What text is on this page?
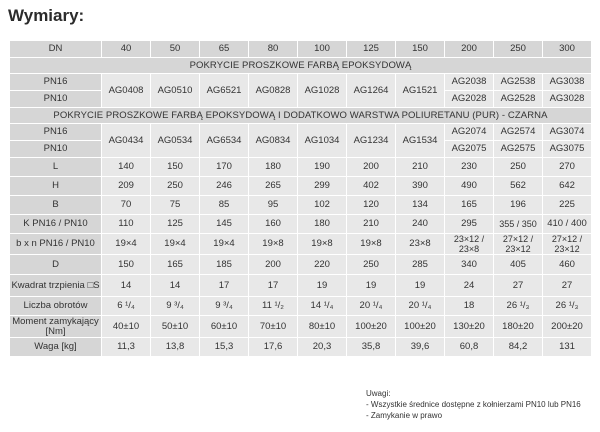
Wymiary:
DN	40	50	65	80	100	125	150	200	250	300
POKRYCIE PROSZKOWE FARBĄ EPOKSYDOWĄ										
PN16	AG0408	AG0510	AG6521	AG0828	AG1028	AG1264	AG1521	AG2038	AG2538	AG3038
PN10								AG2028	AG2528	AG3028
POKRYCIE PROSZKOWE FARBĄ EPOKSYDOWĄ I DODATKOWO WARSTWA POLIURETANU (PUR) - CZARNA										
PN16	AG0434	AG0534	AG6534	AG0834	AG1034	AG1234	AG1534	AG2074	AG2574	AG3074
PN10								AG2075	AG2575	AG3075
L	140	150	170	180	190	200	210	230	250	270
H	209	250	246	265	299	402	390	490	562	642
B	70	75	85	95	102	120	134	165	196	225
K PN16 / PN10	110	125	145	160	180	210	240	295	355 / 350	410 / 400
b x n PN16 / PN10	19×4	19×4	19×4	19×8	19×8	19×8	23×8	23×12 / 23×8	27×12 / 23×12	27×12 / 23×12
D	150	165	185	200	220	250	285	340	405	460
Kwadrat trzpienia □S	14	14	17	17	19	19	19	24	27	27
Liczba obrotów	6 ¹/₄	9 ³/₄	9 ³/₄	11 ¹/₂	14 ¹/₄	20 ¹/₄	20 ¹/₄	18	26 ¹/₃	26 ¹/₃
Moment zamykający [Nm]	40±10	50±10	60±10	70±10	80±10	100±20	100±20	130±20	180±20	200±20
Waga [kg]	11,3	13,8	15,3	17,6	20,3	35,8	39,6	60,8	84,2	131
Uwagi:
- Wszystkie średnice dostępne z kołnierzami PN10 lub PN16
- Zamykanie w prawo
